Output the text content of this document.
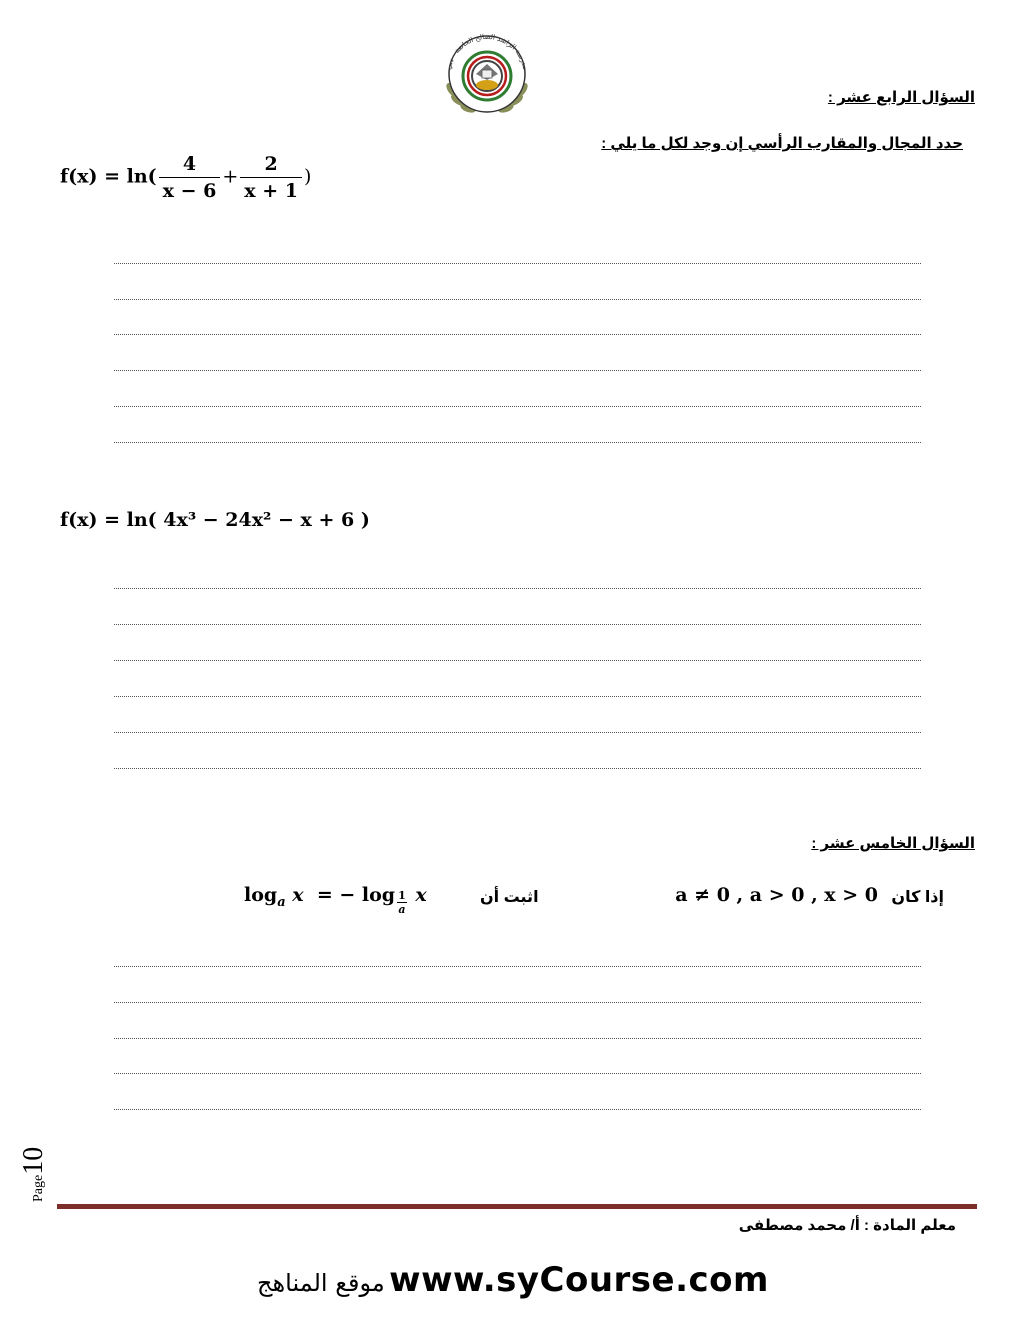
مدرسة الراشد الصالح الخاصة - دبي
السؤال الرابع عشر :
حدد المجال والمقارب الرأسي إن وجد لكل ما يلي :
$f(x) = \ln( \frac{4}{x - 6} + \frac{2}{x + 1}$ )
f(x) = ln( 4x³ − 24x² − x + 6 )
السؤال الخامس عشر :
$\log_a x$ = − $\log \frac{1}{a}$ x	اثبت أن	a ≠ 0 , a > 0 , x > 0 إذا كان
Page10
معلم المادة : أ/ محمد مصطفى
موقع المناهج www.syCourse.com
